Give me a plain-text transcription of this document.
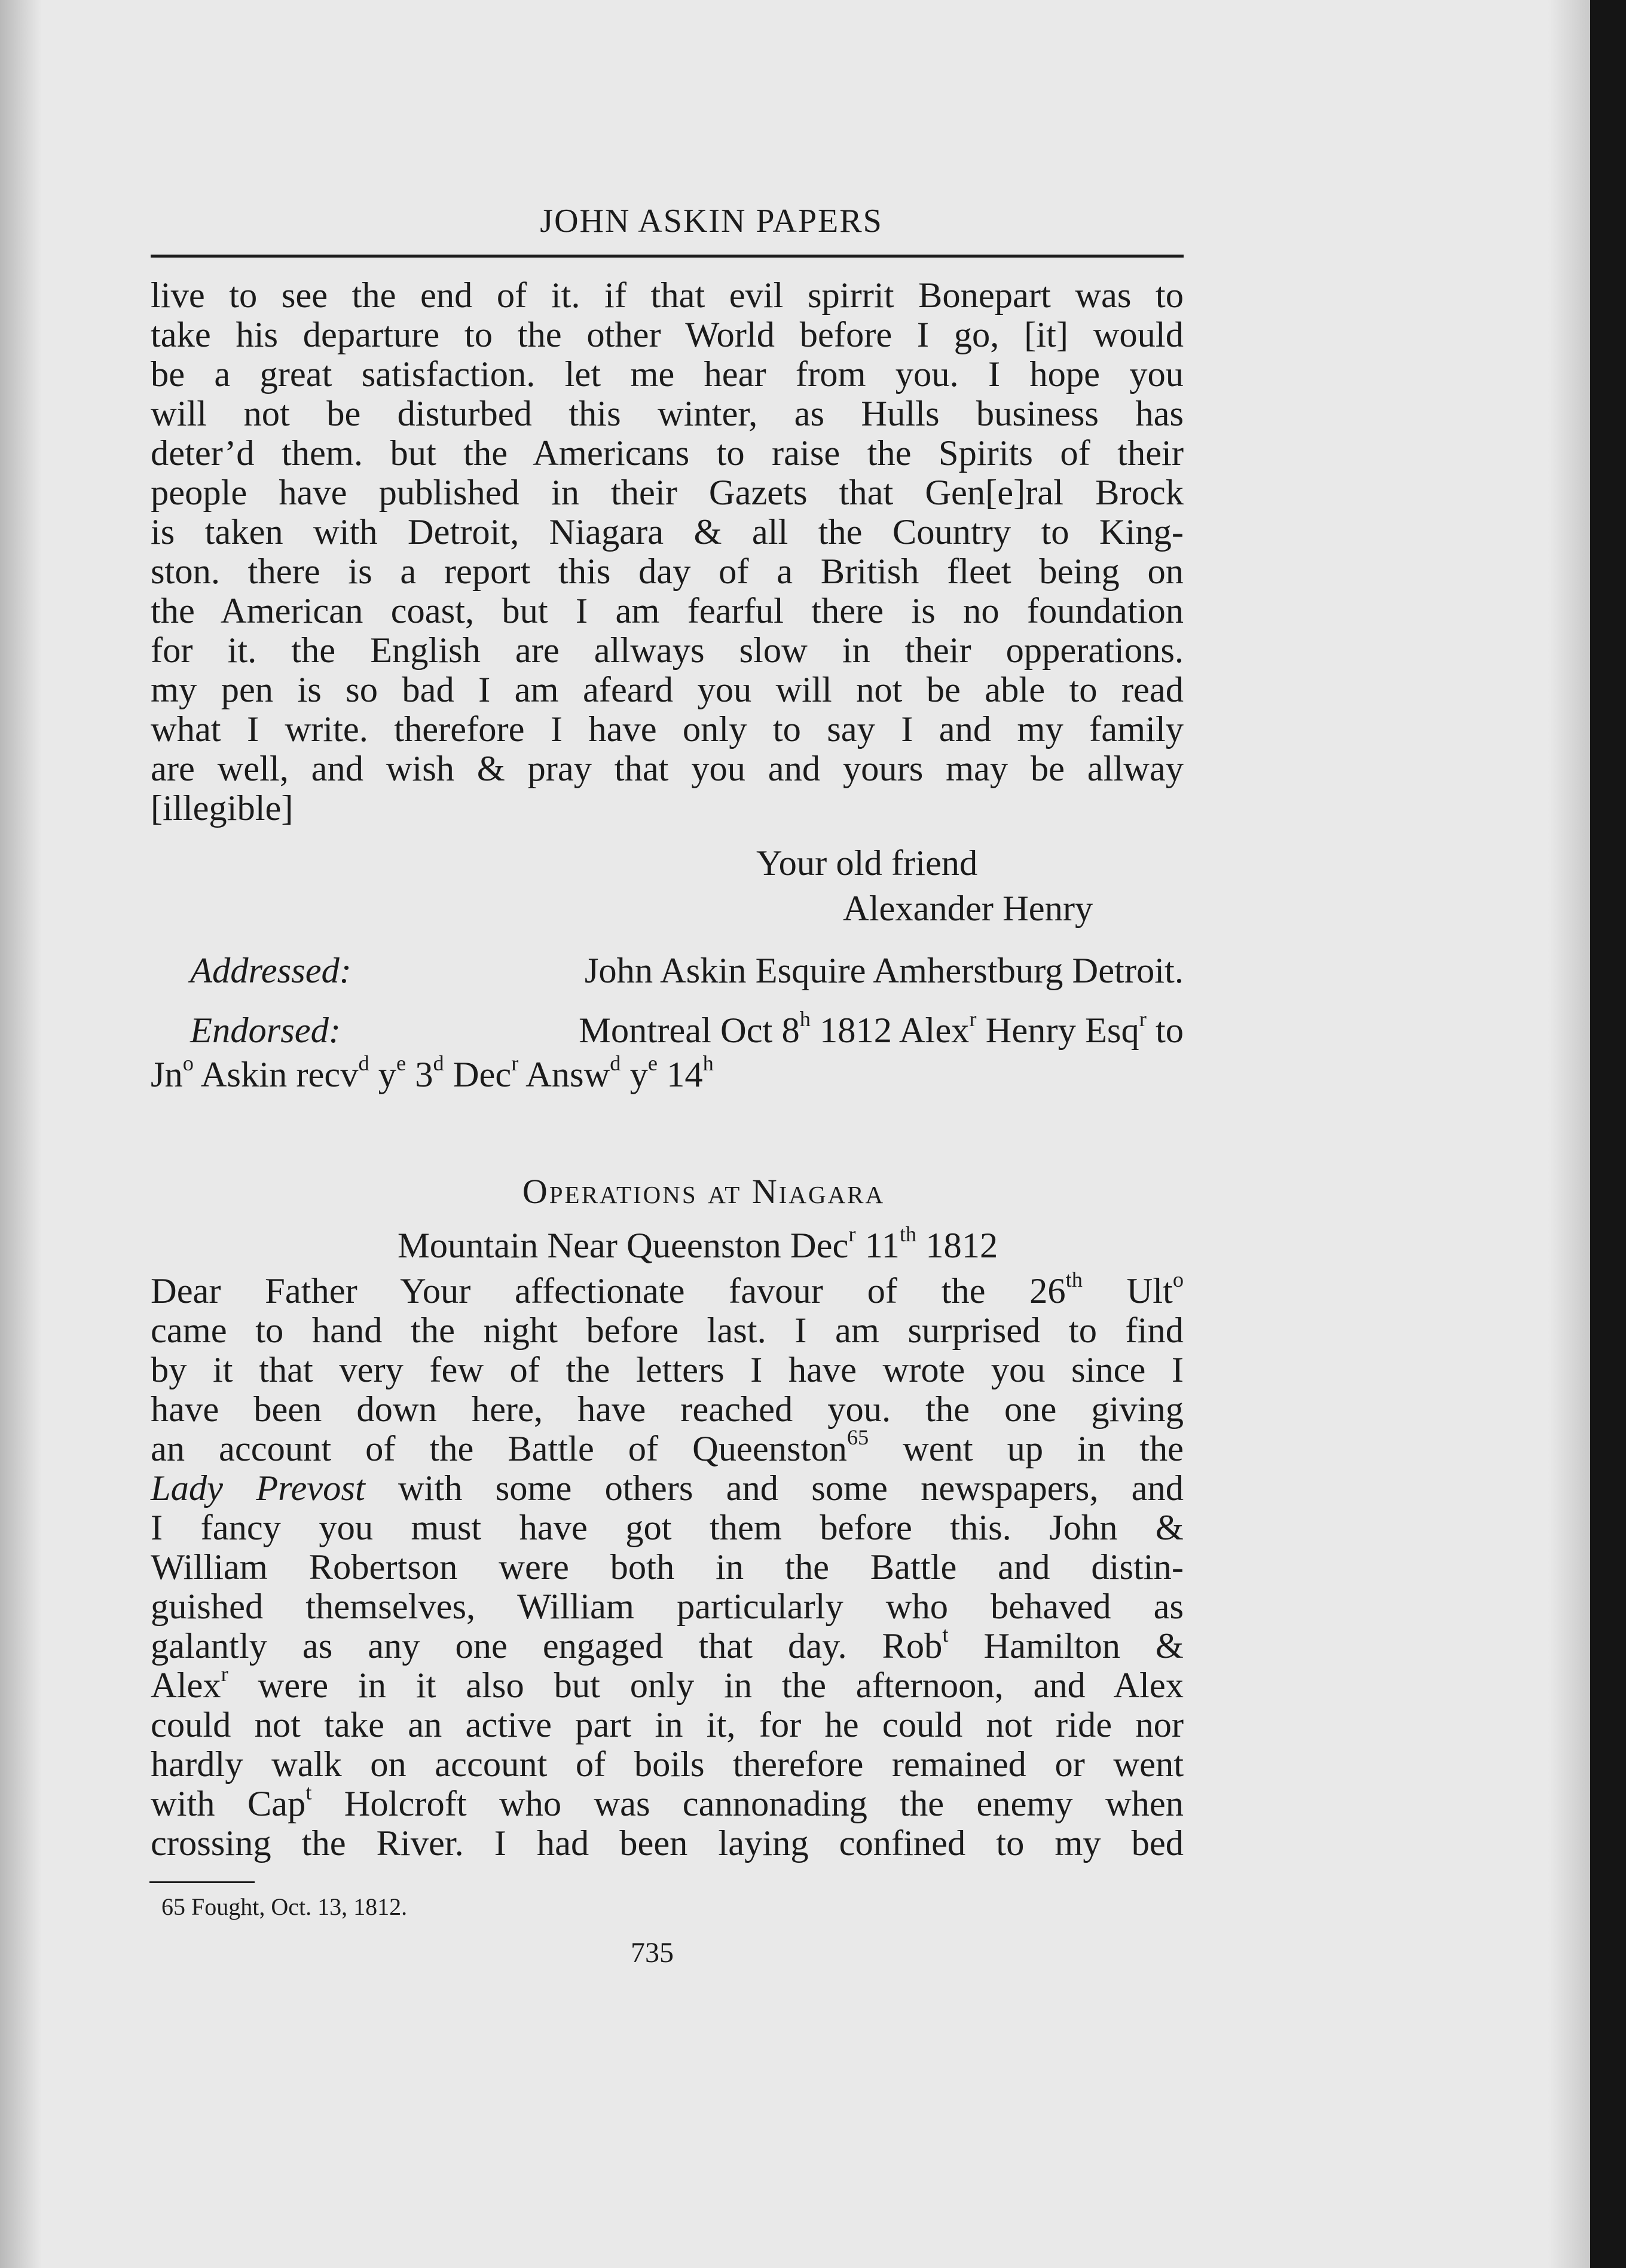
JOHN ASKIN PAPERS
live to see the end of it. if that evil spirrit Bonepart was to
take his departure to the other World before I go, [it] would
be a great satisfaction. let me hear from you. I hope you
will not be disturbed this winter, as Hulls business has
deter’d them. but the Americans to raise the Spirits of their
people have published in their Gazets that Gen[e]ral Brock
is taken with Detroit, Niagara & all the Country to King-
ston. there is a report this day of a British fleet being on
the American coast, but I am fearful there is no foundation
for it. the English are allways slow in their opperations.
my pen is so bad I am afeard you will not be able to read
what I write. therefore I have only to say I and my family
are well, and wish & pray that you and yours may be allway
[illegible]
Your old friend
Alexander Henry
Addressed:	John Askin Esquire Amherstburg Detroit.
Endorsed:	Montreal Oct 8$^h$ 1812 Alex$^r$ Henry Esq$^r$ to
Jn$^o$ Askin recv$^d$ $y^e$ 3$^d$ Dec$^r$ Answ$^d$ $y^e$ 14$^h$
Operations at Niagara
Mountain Near Queenston Dec$^r$ 11th 1812
Dear Father Your affectionate favour of the 26th Ult$^o$
came to hand the night before last. I am surprised to find
by it that very few of the letters I have wrote you since I
have been down here, have reached you. the one giving
an account of the Battle of Queenston$^{65}$ went up in the
Lady Prevost with some others and some newspapers, and
I fancy you must have got them before this. John &
William Robertson were both in the Battle and distin-
guished themselves, William particularly who behaved as
galantly as any one engaged that day. Rob$^t$ Hamilton &
Alex$^r$ were in it also but only in the afternoon, and Alex
could not take an active part in it, for he could not ride nor
hardly walk on account of boils therefore remained or went
with Cap$^t$ Holcroft who was cannonading the enemy when
crossing the River. I had been laying confined to my bed
65 Fought, Oct. 13, 1812.
735
